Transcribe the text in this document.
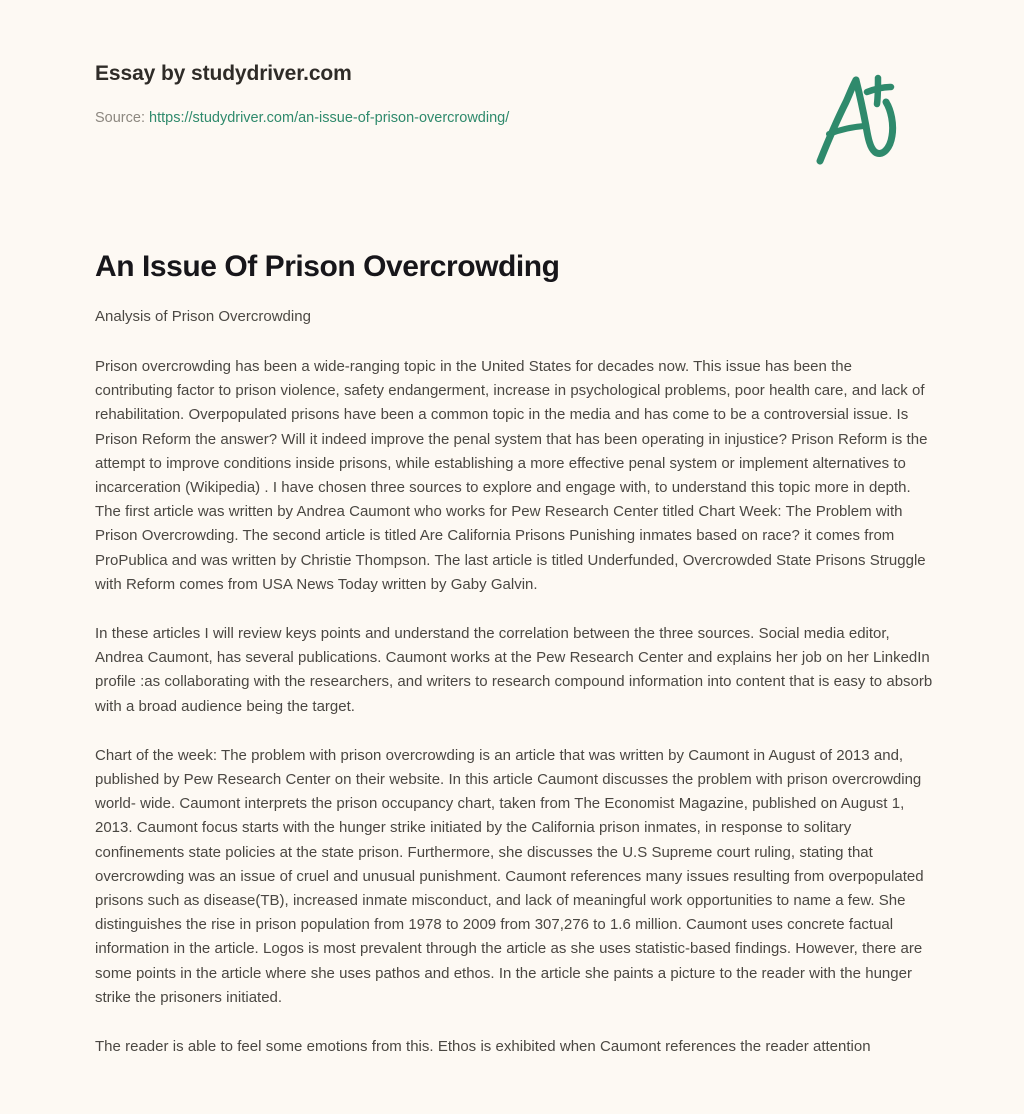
Essay by studydriver.com
Source: https://studydriver.com/an-issue-of-prison-overcrowding/
An Issue Of Prison Overcrowding
Analysis of Prison Overcrowding

Prison overcrowding has been a wide-ranging topic in the United States for decades now. This issue has been the contributing factor to prison violence, safety endangerment, increase in psychological problems, poor health care, and lack of rehabilitation. Overpopulated prisons have been a common topic in the media and has come to be a controversial issue. Is Prison Reform the answer? Will it indeed improve the penal system that has been operating in injustice? Prison Reform is the attempt to improve conditions inside prisons, while establishing a more effective penal system or implement alternatives to incarceration (Wikipedia) . I have chosen three sources to explore and engage with, to understand this topic more in depth. The first article was written by Andrea Caumont who works for Pew Research Center titled Chart Week: The Problem with Prison Overcrowding. The second article is titled Are California Prisons Punishing inmates based on race? it comes from ProPublica and was written by Christie Thompson. The last article is titled Underfunded, Overcrowded State Prisons Struggle with Reform comes from USA News Today written by Gaby Galvin.

In these articles I will review keys points and understand the correlation between the three sources. Social media editor, Andrea Caumont, has several publications. Caumont works at the Pew Research Center and explains her job on her LinkedIn profile :as collaborating with the researchers, and writers to research compound information into content that is easy to absorb with a broad audience being the target.

Chart of the week: The problem with prison overcrowding is an article that was written by Caumont in August of 2013 and, published by Pew Research Center on their website. In this article Caumont discusses the problem with prison overcrowding world- wide. Caumont interprets the prison occupancy chart, taken from The Economist Magazine, published on August 1, 2013. Caumont focus starts with the hunger strike initiated by the California prison inmates, in response to solitary confinements state policies at the state prison. Furthermore, she discusses the U.S Supreme court ruling, stating that overcrowding was an issue of cruel and unusual punishment. Caumont references many issues resulting from overpopulated prisons such as disease(TB), increased inmate misconduct, and lack of meaningful work opportunities to name a few. She distinguishes the rise in prison population from 1978 to 2009 from 307,276 to 1.6 million. Caumont uses concrete factual information in the article. Logos is most prevalent through the article as she uses statistic-based findings. However, there are some points in the article where she uses pathos and ethos. In the article she paints a picture to the reader with the hunger strike the prisoners initiated.

The reader is able to feel some emotions from this. Ethos is exhibited when Caumont references the reader attention
